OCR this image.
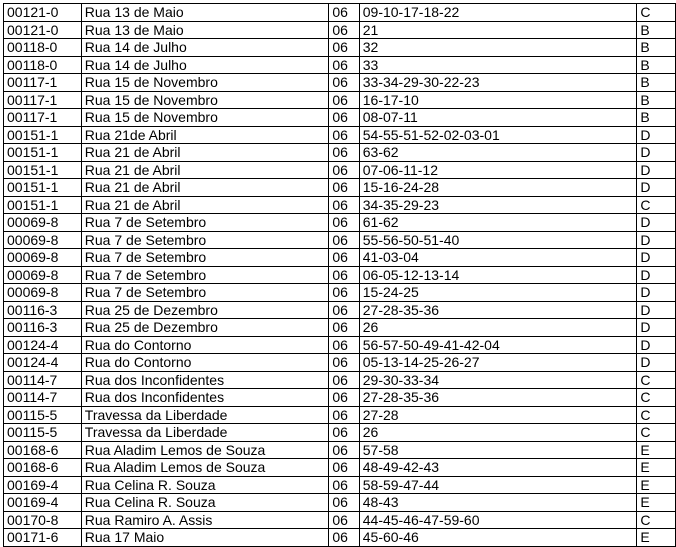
00121-0	Rua 13 de Maio	06	09-10-17-18-22	C
00121-0	Rua 13 de Maio	06	21	B
00118-0	Rua 14 de Julho	06	32	B
00118-0	Rua 14 de Julho	06	33	B
00117-1	Rua 15 de Novembro	06	33-34-29-30-22-23	B
00117-1	Rua 15 de Novembro	06	16-17-10	B
00117-1	Rua 15 de Novembro	06	08-07-11	B
00151-1	Rua 21de Abril	06	54-55-51-52-02-03-01	D
00151-1	Rua 21 de Abril	06	63-62	D
00151-1	Rua 21 de Abril	06	07-06-11-12	D
00151-1	Rua 21 de Abril	06	15-16-24-28	D
00151-1	Rua 21 de Abril	06	34-35-29-23	C
00069-8	Rua 7 de Setembro	06	61-62	D
00069-8	Rua 7 de Setembro	06	55-56-50-51-40	D
00069-8	Rua 7 de Setembro	06	41-03-04	D
00069-8	Rua 7 de Setembro	06	06-05-12-13-14	D
00069-8	Rua 7 de Setembro	06	15-24-25	D
00116-3	Rua 25 de Dezembro	06	27-28-35-36	D
00116-3	Rua 25 de Dezembro	06	26	D
00124-4	Rua do Contorno	06	56-57-50-49-41-42-04	D
00124-4	Rua do Contorno	06	05-13-14-25-26-27	D
00114-7	Rua dos Inconfidentes	06	29-30-33-34	C
00114-7	Rua dos Inconfidentes	06	27-28-35-36	C
00115-5	Travessa da Liberdade	06	27-28	C
00115-5	Travessa da Liberdade	06	26	C
00168-6	Rua Aladim Lemos de Souza	06	57-58	E
00168-6	Rua Aladim Lemos de Souza	06	48-49-42-43	E
00169-4	Rua Celina R. Souza	06	58-59-47-44	E
00169-4	Rua Celina R. Souza	06	48-43	E
00170-8	Rua Ramiro A. Assis	06	44-45-46-47-59-60	C
00171-6	Rua 17 Maio	06	45-60-46	E
